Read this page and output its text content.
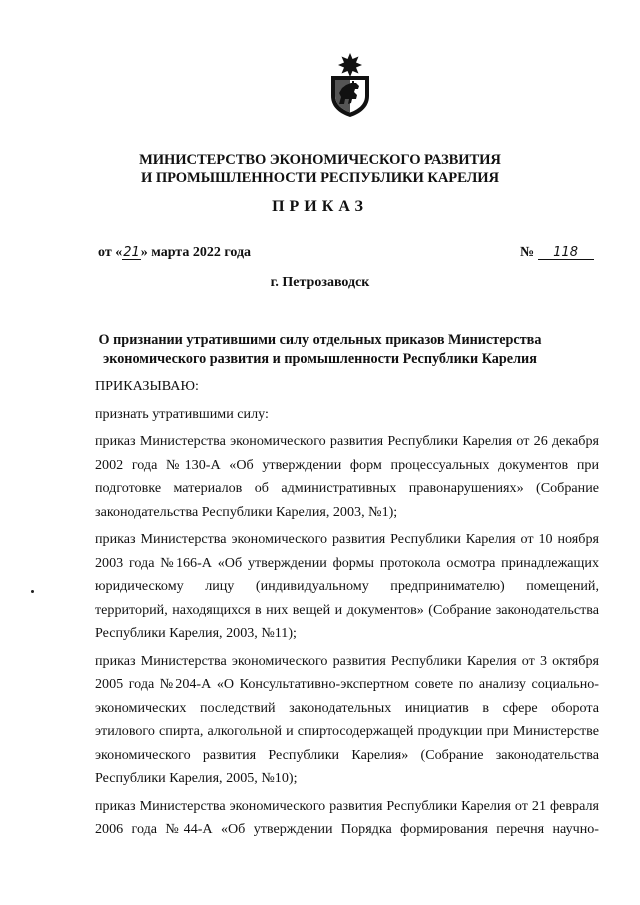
МИНИСТЕРСТВО ЭКОНОМИЧЕСКОГО РАЗВИТИЯ
И ПРОМЫШЛЕННОСТИ РЕСПУБЛИКИ КАРЕЛИЯ
ПРИКАЗ
от «21» марта 2022 года	№ 118
г. Петрозаводск
О признании утратившими силу отдельных приказов Министерства
экономического развития и промышленности Республики Карелия

ПРИКАЗЫВАЮ:

признать утратившими силу:

приказ Министерства экономического развития Республики Карелия от 26 декабря 2002 года №130-А «Об утверждении форм процессуальных документов при подготовке материалов об административных правонарушениях» (Собрание законодательства Республики Карелия, 2003, №1);

приказ Министерства экономического развития Республики Карелия от 10 ноября 2003 года №166-А «Об утверждении формы протокола осмотра принадлежащих юридическому лицу (индивидуальному предпринимателю) помещений, территорий, находящихся в них вещей и документов» (Собрание законодательства Республики Карелия, 2003, №11);

приказ Министерства экономического развития Республики Карелия от 3 октября 2005 года №204-А «О Консультативно-экспертном совете по анализу социально-экономических последствий законодательных инициатив в сфере оборота этилового спирта, алкогольной и спиртосодержащей продукции при Министерстве экономического развития Республики Карелия» (Собрание законодательства Республики Карелия, 2005, №10);

приказ Министерства экономического развития Республики Карелия от 21 февраля 2006 года №44-А «Об утверждении Порядка формирования перечня научно-
